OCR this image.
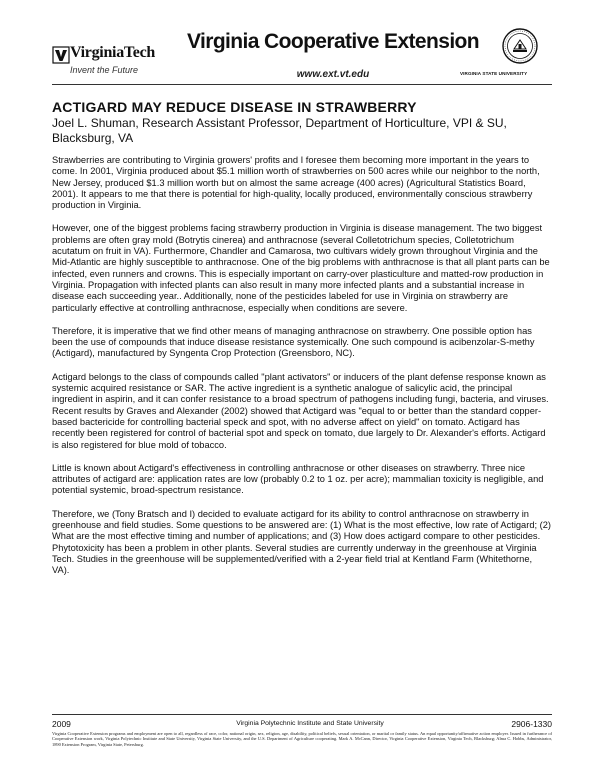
VirginiaTech
Invent the Future
Virginia Cooperative Extension
www.ext.vt.edu	VIRGINIA STATE UNIVERSITY
ACTIGARD MAY REDUCE DISEASE IN STRAWBERRY
Joel L. Shuman, Research Assistant Professor, Department of Horticulture, VPI & SU, Blacksburg, VA

Strawberries are contributing to Virginia growers' profits and I foresee them becoming more important in the years to come. In 2001, Virginia produced about $5.1 million worth of strawberries on 500 acres while our neighbor to the north, New Jersey, produced $1.3 million worth but on almost the same acreage (400 acres) (Agricultural Statistics Board, 2001). It appears to me that there is potential for high-quality, locally produced, environmentally conscious strawberry production in Virginia.

However, one of the biggest problems facing strawberry production in Virginia is disease management. The two biggest problems are often gray mold (Botrytis cinerea) and anthracnose (several Colletotrichum species, Colletotrichum acutatum on fruit in VA). Furthermore, Chandler and Camarosa, two cultivars widely grown throughout Virginia and the Mid-Atlantic are highly susceptible to anthracnose. One of the big problems with anthracnose is that all plant parts can be infected, even runners and crowns. This is especially important on carry-over plasticulture and matted-row production in Virginia. Propagation with infected plants can also result in many more infected plants and a substantial increase in disease each succeeding year.. Additionally, none of the pesticides labeled for use in Virginia on strawberry are particularly effective at controlling anthracnose, especially when conditions are severe.

Therefore, it is imperative that we find other means of managing anthracnose on strawberry. One possible option has been the use of compounds that induce disease resistance systemically. One such compound is acibenzolar-S-methy (Actigard), manufactured by Syngenta Crop Protection (Greensboro, NC).

Actigard belongs to the class of compounds called "plant activators" or inducers of the plant defense response known as systemic acquired resistance or SAR. The active ingredient is a synthetic analogue of salicylic acid, the principal ingredient in aspirin, and it can confer resistance to a broad spectrum of pathogens including fungi, bacteria, and viruses. Recent results by Graves and Alexander (2002) showed that Actigard was "equal to or better than the standard copper-based bactericide for controlling bacterial speck and spot, with no adverse affect on yield" on tomato. Actigard has recently been registered for control of bacterial spot and speck on tomato, due largely to Dr. Alexander's efforts. Actigard is also registered for blue mold of tobacco.

Little is known about Actigard's effectiveness in controlling anthracnose or other diseases on strawberry. Three nice attributes of actigard are: application rates are low (probably 0.2 to 1 oz. per acre); mammalian toxicity is negligible, and potential systemic, broad-spectrum resistance.

Therefore, we (Tony Bratsch and I) decided to evaluate actigard for its ability to control anthracnose on strawberry in greenhouse and field studies. Some questions to be answered are: (1) What is the most effective, low rate of Actigard; (2) What are the most effective timing and number of applications; and (3) How does actigard compare to other pesticides. Phytotoxicity has been a problem in other plants. Several studies are currently underway in the greenhouse at Virginia Tech. Studies in the greenhouse will be supplemented/verified with a 2-year field trial at Kentland Farm (Whitethorne, VA).

2009	Virginia Polytechnic Institute and State University	2906-1330
Virginia Cooperative Extension programs and employment are open to all, regardless of race, color, national origin, sex, religion, age, disability, political beliefs, sexual orientation, or marital or family status. An equal opportunity/affirmative action employer. Issued in furtherance of Cooperative Extension work, Virginia Polytechnic Institute and State University, Virginia State University, and the U.S. Department of Agriculture cooperating. Mark A. McCann, Director, Virginia Cooperative Extension, Virginia Tech, Blacksburg; Alma C. Hobbs, Administrator, 1890 Extension Program, Virginia State, Petersburg.
